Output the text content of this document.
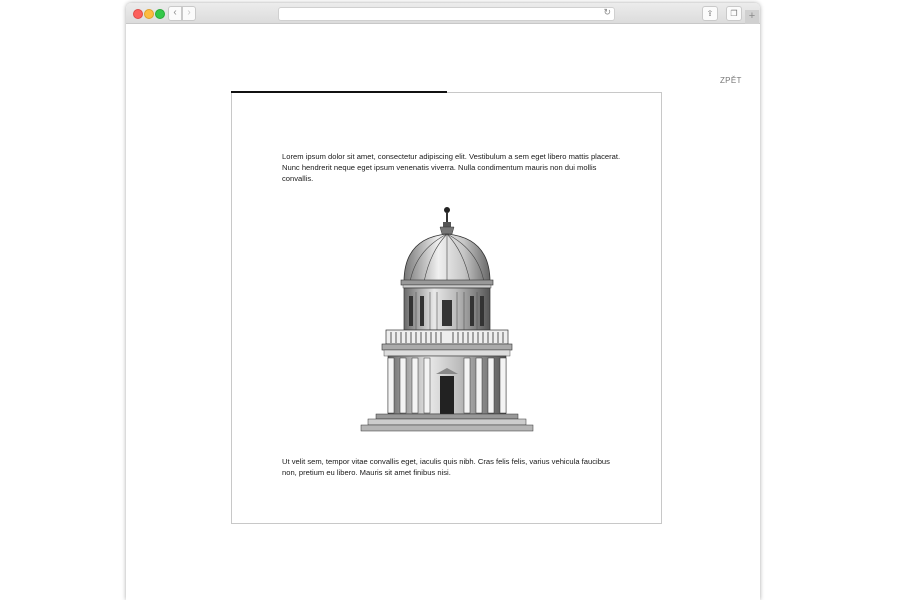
‹	›	↻	⇪	❐	+
ZPĚT

Lorem ipsum dolor sit amet, consectetur adipiscing elit. Vestibulum a sem eget libero mattis placerat. Nunc hendrerit neque eget ipsum venenatis viverra. Nulla condimentum mauris non dui mollis convallis.

Ut velit sem, tempor vitae convallis eget, iaculis quis nibh. Cras felis felis, varius vehicula faucibus non, pretium eu libero. Mauris sit amet finibus nisi.
